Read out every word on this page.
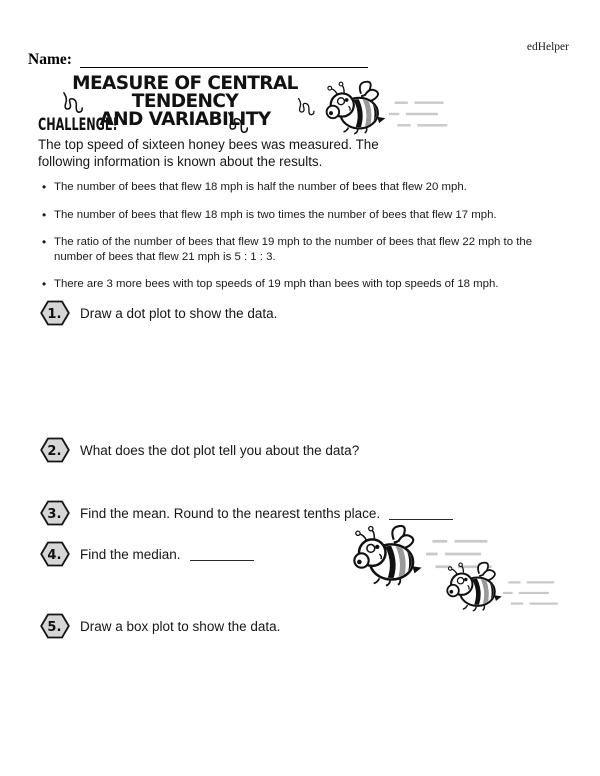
edHelper
Name:
MEASURE OF CENTRAL TENDENCY
AND VARIABILITY
CHALLENGE!

The top speed of sixteen honey bees was measured. The following information is known about the results.

• The number of bees that flew 18 mph is half the number of bees that flew 20 mph.
• The number of bees that flew 18 mph is two times the number of bees that flew 17 mph.
• The ratio of the number of bees that flew 19 mph to the number of bees that flew 22 mph to the number of bees that flew 21 mph is 5 : 1 : 3.
• There are 3 more bees with top speeds of 19 mph than bees with top speeds of 18 mph.
1. Draw a dot plot to show the data.
2. What does the dot plot tell you about the data?
3. Find the mean. Round to the nearest tenths place.
4. Find the median.
5. Draw a box plot to show the data.
